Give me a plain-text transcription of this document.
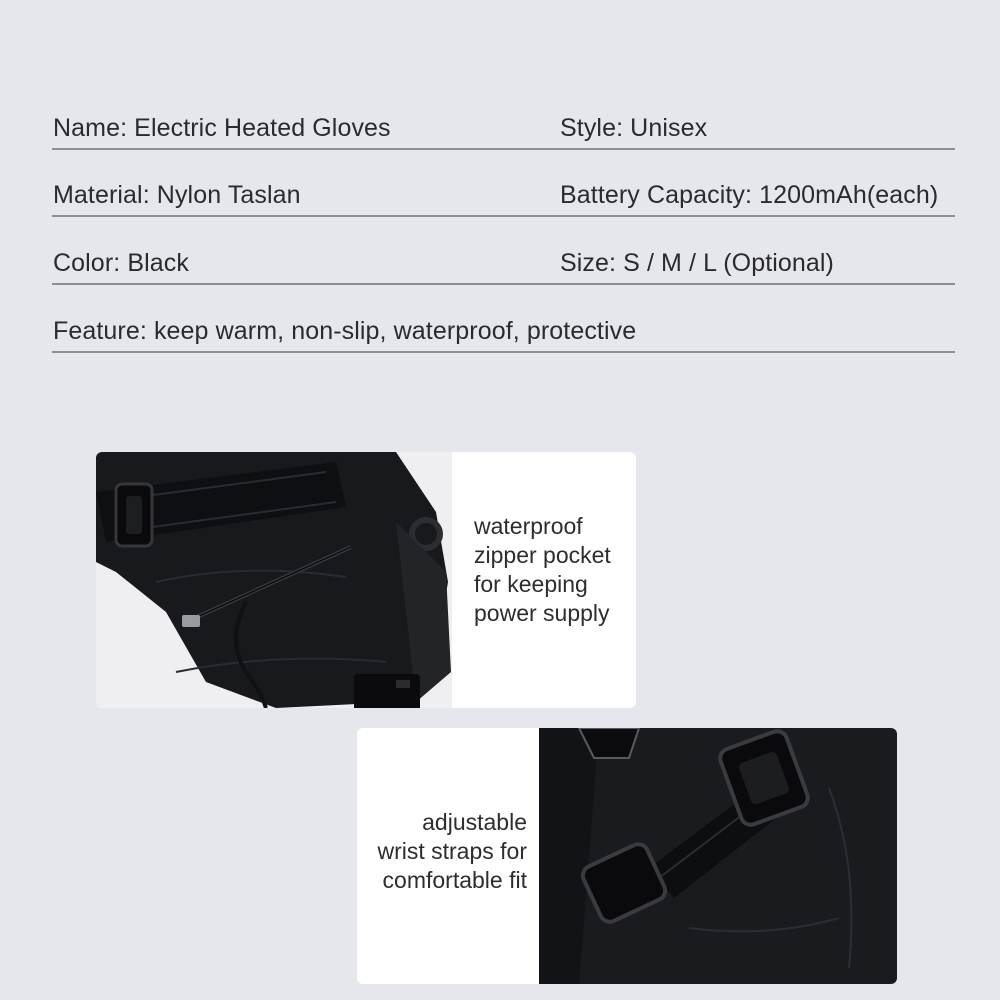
Name: Electric Heated Gloves	Style: Unisex
Material: Nylon Taslan	Battery Capacity: 1200mAh(each)
Color: Black	Size: S / M / L (Optional)
Feature: keep warm, non-slip, waterproof, protective
waterproof
zipper pocket
for keeping
power supply
adjustable
wrist straps for
comfortable fit
